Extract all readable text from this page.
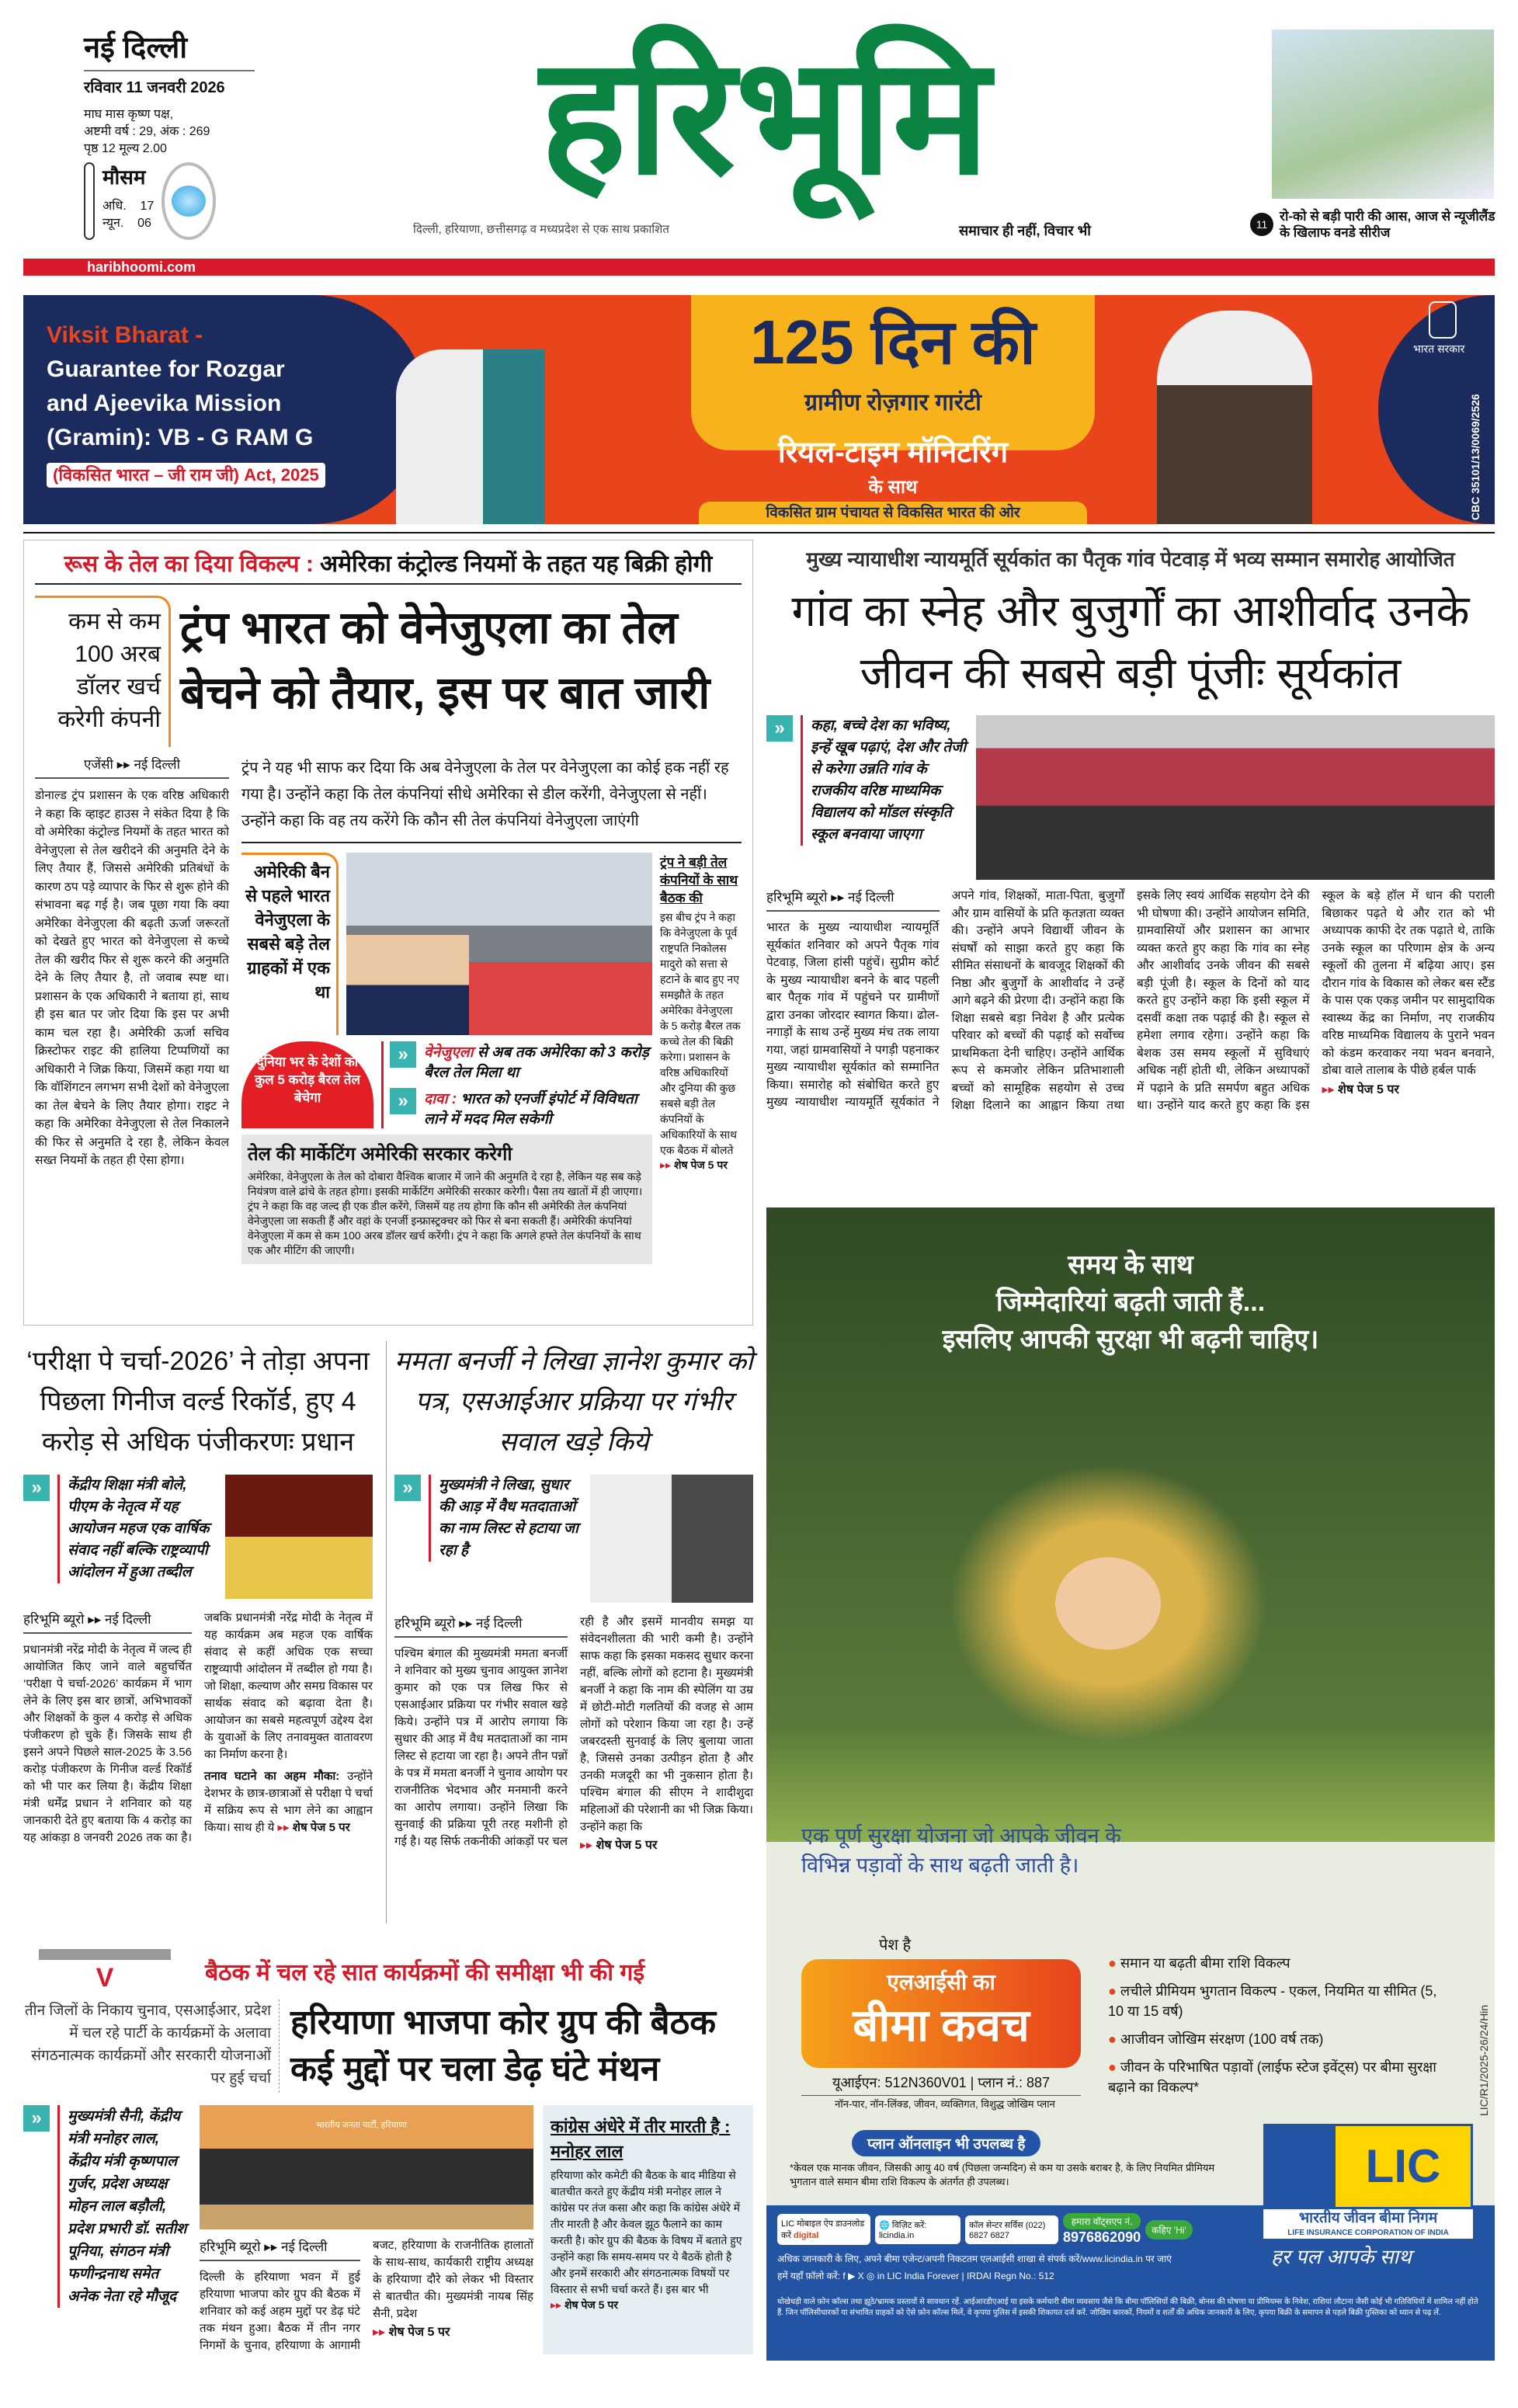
नई दिल्ली
रविवार 11 जनवरी 2026
माघ मास कृष्ण पक्ष,
अष्टमी वर्ष : 29, अंक : 269
पृष्ठ 12 मूल्य 2.00
मौसम
अधि. 17
न्यून. 06
हरिभूमि
दिल्ली, हरियाणा, छत्तीसगढ़ व मध्यप्रदेश से एक साथ प्रकाशित	समाचार ही नहीं, विचार भी	11
रो-को से बड़ी पारी की आस, आज से न्यूजीलैंड के खिलाफ वनडे सीरीज
haribhoomi.com
Viksit Bharat -
Guarantee for Rozgar
and Ajeevika Mission
(Gramin): VB - G RAM G
(विकसित भारत – जी राम जी) Act, 2025
125 दिन की
ग्रामीण रोज़गार गारंटी
रियल-टाइम मॉनिटरिंग
के साथ
विकसित ग्राम पंचायत से विकसित भारत की ओर
भारत सरकार
CBC 35101/13/0069/2526
रूस के तेल का दिया विकल्प : अमेरिका कंट्रोल्ड नियमों के तहत यह बिक्री होगी
कम से कम 100 अरब डॉलर खर्च करेगी कंपनी
ट्रंप भारत को वेनेजुएला का तेल बेचने को तैयार, इस पर बात जारी
एजेंसी ▸▸ नई दिल्ली

डोनाल्ड ट्रंप प्रशासन के एक वरिष्ठ अधिकारी ने कहा कि व्हाइट हाउस ने संकेत दिया है कि वो अमेरिका कंट्रोल्ड नियमों के तहत भारत को वेनेजुएला से तेल खरीदने की अनुमति देने के लिए तैयार हैं, जिससे अमेरिकी प्रतिबंधों के कारण ठप पड़े व्यापार के फिर से शुरू होने की संभावना बढ़ गई है। जब पूछा गया कि क्या अमेरिका वेनेजुएला की बढ़ती ऊर्जा जरूरतों को देखते हुए भारत को वेनेजुएला से कच्चे तेल की खरीद फिर से शुरू करने की अनुमति देने के लिए तैयार है, तो जवाब स्पष्ट था। प्रशासन के एक अधिकारी ने बताया हां, साथ ही इस बात पर जोर दिया कि इस पर अभी काम चल रहा है। अमेरिकी ऊर्जा सचिव क्रिस्टोफर राइट की हालिया टिप्पणियों का अधिकारी ने जिक्र किया, जिसमें कहा गया था कि वॉशिंगटन लगभग सभी देशों को वेनेजुएला का तेल बेचने के लिए तैयार होगा। राइट ने कहा कि अमेरिका वेनेजुएला से तेल निकालने की फिर से अनुमति दे रहा है, लेकिन केवल सख्त नियमों के तहत ही ऐसा होगा।

ट्रंप ने यह भी साफ कर दिया कि अब वेनेजुएला के तेल पर वेनेजुएला का कोई हक नहीं रह गया है। उन्होंने कहा कि तेल कंपनियां सीधे अमेरिका से डील करेंगी, वेनेजुएला से नहीं। उन्होंने कहा कि वह तय करेंगे कि कौन सी तेल कंपनियां वेनेजुएला जाएंगी

अमेरिकी बैन से पहले भारत वेनेजुएला के सबसे बड़े तेल ग्राहकों में एक था
दुनिया भर के देशों को कुल 5 करोड़ बैरल तेल बेचेगा
»	वेनेजुएला से अब तक अमेरिका को 3 करोड़ बैरल तेल मिला था
»	दावा : भारत को एनर्जी इंपोर्ट में विविधता लाने में मदद मिल सकेगी
तेल की मार्केटिंग अमेरिकी सरकार करेगी

अमेरिका, वेनेजुएला के तेल को दोबारा वैश्विक बाजार में जाने की अनुमति दे रहा है, लेकिन यह सब कड़े नियंत्रण वाले ढांचे के तहत होगा। इसकी मार्केटिंग अमेरिकी सरकार करेगी। पैसा तय खातों में ही जाएगा। ट्रंप ने कहा कि वह जल्द ही एक डील करेंगे, जिसमें यह तय होगा कि कौन सी अमेरिकी तेल कंपनियां वेनेजुएला जा सकती हैं और वहां के एनर्जी इन्फ्रास्ट्रक्चर को फिर से बना सकती हैं। अमेरिकी कंपनियां वेनेजुएला में कम से कम 100 अरब डॉलर खर्च करेंगी। ट्रंप ने कहा कि अगले हफ्ते तेल कंपनियों के साथ एक और मीटिंग की जाएगी।

ट्रंप ने बड़ी तेल कंपनियों के साथ बैठक की

इस बीच ट्रंप ने कहा कि वेनेजुएला के पूर्व राष्ट्रपति निकोलस मादुरो को सत्ता से हटाने के बाद हुए नए समझौते के तहत अमेरिका वेनेजुएला के 5 करोड़ बैरल तक कच्चे तेल की बिक्री करेगा। प्रशासन के वरिष्ठ अधिकारियों और दुनिया की कुछ सबसे बड़ी तेल कंपनियों के अधिकारियों के साथ एक बैठक में बोलते

▸▸ शेष पेज 5 पर
मुख्य न्यायाधीश न्यायमूर्ति सूर्यकांत का पैतृक गांव पेटवाड़ में भव्य सम्मान समारोह आयोजित
गांव का स्नेह और बुजुर्गों का आशीर्वाद उनके जीवन की सबसे बड़ी पूंजीः सूर्यकांत
»	कहा, बच्चे देश का भविष्य, इन्हें खूब पढ़ाएं, देश और तेजी से करेगा उन्नति गांव के राजकीय वरिष्ठ माध्यमिक विद्यालय को मॉडल संस्कृति स्कूल बनवाया जाएगा
हरिभूमि ब्यूरो ▸▸ नई दिल्ली

भारत के मुख्य न्यायाधीश न्यायमूर्ति सूर्यकांत शनिवार को अपने पैतृक गांव पेटवाड़, जिला हांसी पहुंचें। सुप्रीम कोर्ट के मुख्य न्यायाधीश बनने के बाद पहली बार पैतृक गांव में पहुंचने पर ग्रामीणों द्वारा उनका जोरदार स्वागत किया। ढोल-नगाड़ों के साथ उन्हें मुख्य मंच तक लाया गया, जहां ग्रामवासियों ने पगड़ी पहनाकर मुख्य न्यायाधीश सूर्यकांत को सम्मानित किया। समारोह को संबोधित करते हुए मुख्य न्यायाधीश न्यायमूर्ति सूर्यकांत ने अपने गांव, शिक्षकों, माता-पिता, बुजुर्गों और ग्राम वासियों के प्रति कृतज्ञता व्यक्त की। उन्होंने अपने विद्यार्थी जीवन के संघर्षों को साझा करते हुए कहा कि सीमित संसाधनों के बावजूद शिक्षकों की निष्ठा और बुजुर्गों के आशीर्वाद ने उन्हें आगे बढ़ने की प्रेरणा दी। उन्होंने कहा कि शिक्षा सबसे बड़ा निवेश है और प्रत्येक परिवार को बच्चों की पढ़ाई को सर्वोच्च प्राथमिकता देनी चाहिए। उन्होंने आर्थिक रूप से कमजोर लेकिन प्रतिभाशाली बच्चों को सामूहिक सहयोग से उच्च शिक्षा दिलाने का आह्वान किया तथा इसके लिए स्वयं आर्थिक सहयोग देने की भी घोषणा की। उन्होंने आयोजन समिति, ग्रामवासियों और प्रशासन का आभार व्यक्त करते हुए कहा कि गांव का स्नेह और आशीर्वाद उनके जीवन की सबसे बड़ी पूंजी है। स्कूल के दिनों को याद करते हुए उन्होंने कहा कि इसी स्कूल में दसवीं कक्षा तक पढ़ाई की है। स्कूल से हमेशा लगाव रहेगा। उन्होंने कहा कि बेशक उस समय स्कूलों में सुविधाएं अधिक नहीं होती थी, लेकिन अध्यापकों में पढ़ाने के प्रति समर्पण बहुत अधिक था। उन्होंने याद करते हुए कहा कि इस स्कूल के बड़े हॉल में धान की पराली बिछाकर पढ़ते थे और रात को भी अध्यापक काफी देर तक पढ़ाते थे, ताकि उनके स्कूल का परिणाम क्षेत्र के अन्य स्कूलों की तुलना में बढ़िया आए। इस दौरान गांव के विकास को लेकर बस स्टैंड के पास एक एकड़ जमीन पर सामुदायिक स्वास्थ्य केंद्र का निर्माण, नए राजकीय वरिष्ठ माध्यमिक विद्यालय के पुराने भवन को कंडम करवाकर नया भवन बनवाने, डोबा वाले तालाब के पीछे हर्बल पार्क

▸▸ शेष पेज 5 पर
‘परीक्षा पे चर्चा-2026’ ने तोड़ा अपना पिछला गिनीज वर्ल्ड रिकॉर्ड, हुए 4 करोड़ से अधिक पंजीकरणः प्रधान
»	केंद्रीय शिक्षा मंत्री बोले, पीएम के नेतृत्व में यह आयोजन महज एक वार्षिक संवाद नहीं बल्कि राष्ट्रव्यापी आंदोलन में हुआ तब्दील
हरिभूमि ब्यूरो ▸▸ नई दिल्ली

प्रधानमंत्री नरेंद्र मोदी के नेतृत्व में जल्द ही आयोजित किए जाने वाले बहुचर्चित ‘परीक्षा पे चर्चा-2026’ कार्यक्रम में भाग लेने के लिए इस बार छात्रों, अभिभावकों और शिक्षकों के कुल 4 करोड़ से अधिक पंजीकरण हो चुके हैं। जिसके साथ ही इसने अपने पिछले साल-2025 के 3.56 करोड़ पंजीकरण के गिनीज वर्ल्ड रिकॉर्ड को भी पार कर लिया है। केंद्रीय शिक्षा मंत्री धर्मेंद्र प्रधान ने शनिवार को यह जानकारी देते हुए बताया कि 4 करोड़ का यह आंकड़ा 8 जनवरी 2026 तक का है। जबकि प्रधानमंत्री नरेंद्र मोदी के नेतृत्व में यह कार्यक्रम अब महज एक वार्षिक संवाद से कहीं अधिक एक सच्चा राष्ट्रव्यापी आंदोलन में तब्दील हो गया है। जो शिक्षा, कल्याण और समग्र विकास पर सार्थक संवाद को बढ़ावा देता है। आयोजन का सबसे महत्वपूर्ण उद्देश्य देश के युवाओं के लिए तनावमुक्त वातावरण का निर्माण करना है।

तनाव घटाने का अहम मौका: उन्होंने देशभर के छात्र-छात्राओं से परीक्षा पे चर्चा में सक्रिय रूप से भाग लेने का आह्वान किया। साथ ही ये ▸▸ शेष पेज 5 पर

ममता बनर्जी ने लिखा ज्ञानेश कुमार को पत्र, एसआईआर प्रक्रिया पर गंभीर सवाल खड़े किये
»	मुख्यमंत्री ने लिखा, सुधार की आड़ में वैध मतदाताओं का नाम लिस्ट से हटाया जा रहा है
हरिभूमि ब्यूरो ▸▸ नई दिल्ली

पश्चिम बंगाल की मुख्यमंत्री ममता बनर्जी ने शनिवार को मुख्य चुनाव आयुक्त ज्ञानेश कुमार को एक पत्र लिख फिर से एसआईआर प्रक्रिया पर गंभीर सवाल खड़े किये। उन्होंने पत्र में आरोप लगाया कि सुधार की आड़ में वैध मतदाताओं का नाम लिस्ट से हटाया जा रहा है। अपने तीन पन्नों के पत्र में ममता बनर्जी ने चुनाव आयोग पर राजनीतिक भेदभाव और मनमानी करने का आरोप लगाया। उन्होंने लिखा कि सुनवाई की प्रक्रिया पूरी तरह मशीनी हो गई है। यह सिर्फ तकनीकी आंकड़ों पर चल रही है और इसमें मानवीय समझ या संवेदनशीलता की भारी कमी है। उन्होंने साफ कहा कि इसका मकसद सुधार करना नहीं, बल्कि लोगों को हटाना है। मुख्यमंत्री बनर्जी ने कहा कि नाम की स्पेलिंग या उम्र में छोटी-मोटी गलतियों की वजह से आम लोगों को परेशान किया जा रहा है। उन्हें जबरदस्ती सुनवाई के लिए बुलाया जाता है, जिससे उनका उत्पीड़न होता है और उनकी मजदूरी का भी नुकसान होता है। पश्चिम बंगाल की सीएम ने शादीशुदा महिलाओं की परेशानी का भी जिक्र किया। उन्होंने कहा कि

▸▸ शेष पेज 5 पर
V	बैठक में चल रहे सात कार्यक्रमों की समीक्षा भी की गई
तीन जिलों के निकाय चुनाव, एसआईआर, प्रदेश में चल रहे पार्टी के कार्यक्रमों के अलावा संगठनात्मक कार्यक्रमों और सरकारी योजनाओं पर हुई चर्चा
हरियाणा भाजपा कोर ग्रुप की बैठक कई मुद्दों पर चला डेढ़ घंटे मंथन
»	मुख्यमंत्री सैनी, केंद्रीय मंत्री मनोहर लाल, केंद्रीय मंत्री कृष्णपाल गुर्जर, प्रदेश अध्यक्ष मोहन लाल बड़ौली, प्रदेश प्रभारी डॉ. सतीश पूनिया, संगठन मंत्री फणीन्द्रनाथ समेत अनेक नेता रहे मौजूद
भारतीय जनता पार्टी, हरियाणा
हरिभूमि ब्यूरो ▸▸ नई दिल्ली

दिल्ली के हरियाणा भवन में हुई हरियाणा भाजपा कोर ग्रुप की बैठक में शनिवार को कई अहम मुद्दों पर डेढ़ घंटे तक मंथन हुआ। बैठक में तीन नगर निगमों के चुनाव, हरियाणा के आगामी बजट, हरियाणा के राजनीतिक हालातों के साथ-साथ, कार्यकारी राष्ट्रीय अध्यक्ष के हरियाणा दौरे को लेकर भी विस्तार से बातचीत की। मुख्यमंत्री नायब सिंह सैनी, प्रदेश

▸▸ शेष पेज 5 पर
कांग्रेस अंधेरे में तीर मारती है : मनोहर लाल

हरियाणा कोर कमेटी की बैठक के बाद मीडिया से बातचीत करते हुए केंद्रीय मंत्री मनोहर लाल ने कांग्रेस पर तंज कसा और कहा कि कांग्रेस अंधेरे में तीर मारती है और केवल झूठ फैलाने का काम करती है। कोर ग्रुप की बैठक के विषय में बताते हुए उन्होंने कहा कि समय-समय पर ये बैठकें होती है और इनमें सरकारी और संगठनात्मक विषयों पर विस्तार से सभी चर्चा करते हैं। इस बार भी

▸▸ शेष पेज 5 पर
समय के साथ
जिम्मेदारियां बढ़ती जाती हैं...
इसलिए आपकी सुरक्षा भी बढ़नी चाहिए।

एक पूर्ण सुरक्षा योजना जो आपके जीवन के विभिन्न पड़ावों के साथ बढ़ती जाती है।

पेश है
एलआईसी का
बीमा कवच
यूआईएन: 512N360V01 | प्लान नं.: 887
नॉन-पार, नॉन-लिंक्ड, जीवन, व्यक्तिगत, विशुद्ध जोखिम प्लान
● समान या बढ़ती बीमा राशि विकल्प
● लचीले प्रीमियम भुगतान विकल्प - एकल, नियमित या सीमित (5, 10 या 15 वर्ष)
● आजीवन जोखिम संरक्षण (100 वर्ष तक)
● जीवन के परिभाषित पड़ावों (लाईफ स्टेज इवेंट्स) पर बीमा सुरक्षा बढ़ाने का विकल्प*
प्लान ऑनलाइन भी उपलब्ध है

*केवल एक मानक जीवन, जिसकी आयु 40 वर्ष (पिछला जन्मदिन) से कम या उसके बराबर है, के लिए नियमित प्रीमियम भुगतान वाले समान बीमा राशि विकल्प के अंतर्गत ही उपलब्ध।

LIC मोबाइल ऐप डाउनलोड करें digital
🌐 विज़िट करें: licindia.in
कॉल सेन्टर सर्विस (022) 6827 6827
हमारा वॉट्सएप नं.
8976862090	कहिए 'Hi'
अधिक जानकारी के लिए, अपने बीमा एजेन्ट/अपनी निकटतम एलआईसी शाखा से संपर्क करें/www.licindia.in पर जाएं
हमें यहाँ फ़ॉलो करें: f ▶ X ◎ in LIC India Forever | IRDAI Regn No.: 512

धोखेधड़ी वाले फ़ोन कॉल्स तथा झूठे/भ्रामक प्रस्तावों से सावधान रहें. आईआरडीएआई या इसके कर्मचारी बीमा व्यवसाय जैसे कि बीमा पॉलिसियों की बिक्री, बोनस की घोषणा या प्रीमियम्स के निवेश, राशियां लौटाना जैसी कोई भी गतिविधियों में शामिल नहीं होते हैं. जिन पॉलिसीधारकों या संभावित ग्राहकों को ऐसे फ़ोन कॉल्स मिलें, वे कृपया पुलिस में इसकी शिकायत दर्ज करें. जोखिम कारकों, नियमों व शर्तों की अधिक जानकारी के लिए, कृपया बिक्री के समापन से पहले बिक्री पुस्तिका को ध्यान से पढ़ लें.

LIC
भारतीय जीवन बीमा निगम
LIFE INSURANCE CORPORATION OF INDIA
हर पल आपके साथ
LIC/R1/2025-26/24/Hin
